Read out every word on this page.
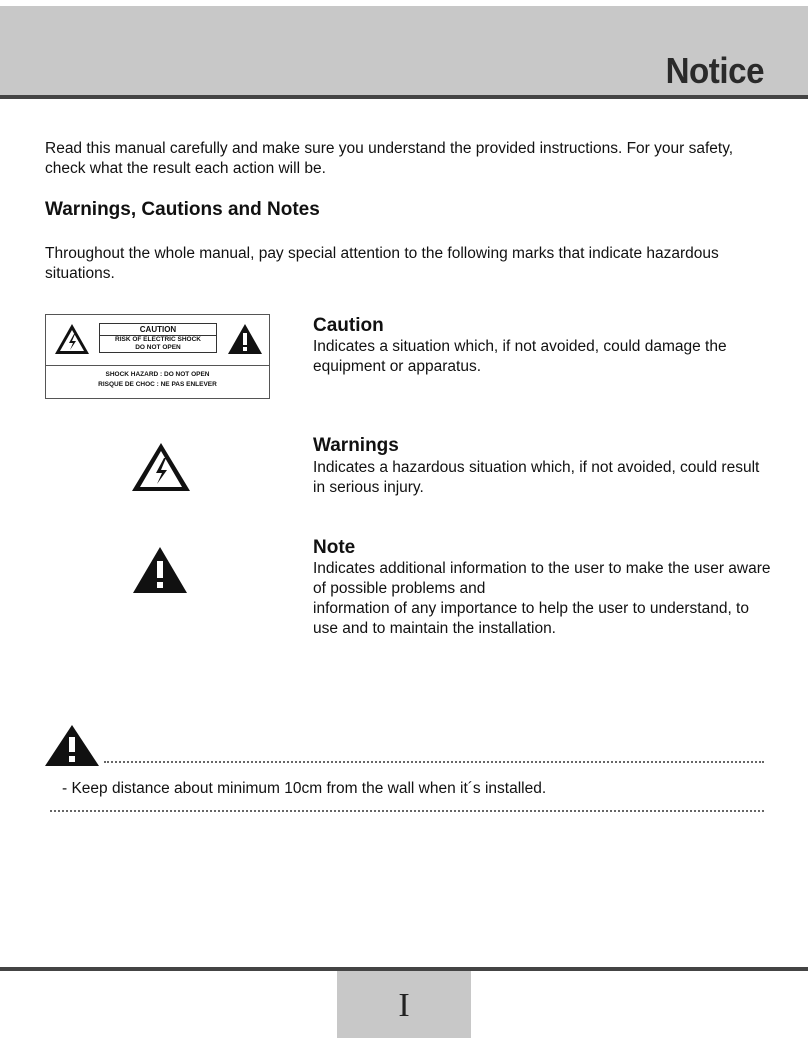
Notice
Read this manual carefully and make sure you understand the provided instructions. For your safety, check what the result each action will be.
Warnings, Cautions and Notes
Throughout the whole manual, pay special attention to the following marks that indicate hazardous situations.
CAUTION
RISK OF ELECTRIC SHOCK
DO NOT OPEN
SHOCK HAZARD : DO NOT OPEN
RISQUE DE CHOC : NE PAS ENLEVER
Caution
Indicates a situation which, if not avoided, could damage the equipment or apparatus.
Warnings
Indicates a hazardous situation which, if not avoided, could result in serious injury.
Note
Indicates additional information to the user to make the user aware of possible problems and
information of any importance to help the user to understand, to use and to maintain the installation.
- Keep distance about minimum 10cm from the wall when it´s installed.
I
